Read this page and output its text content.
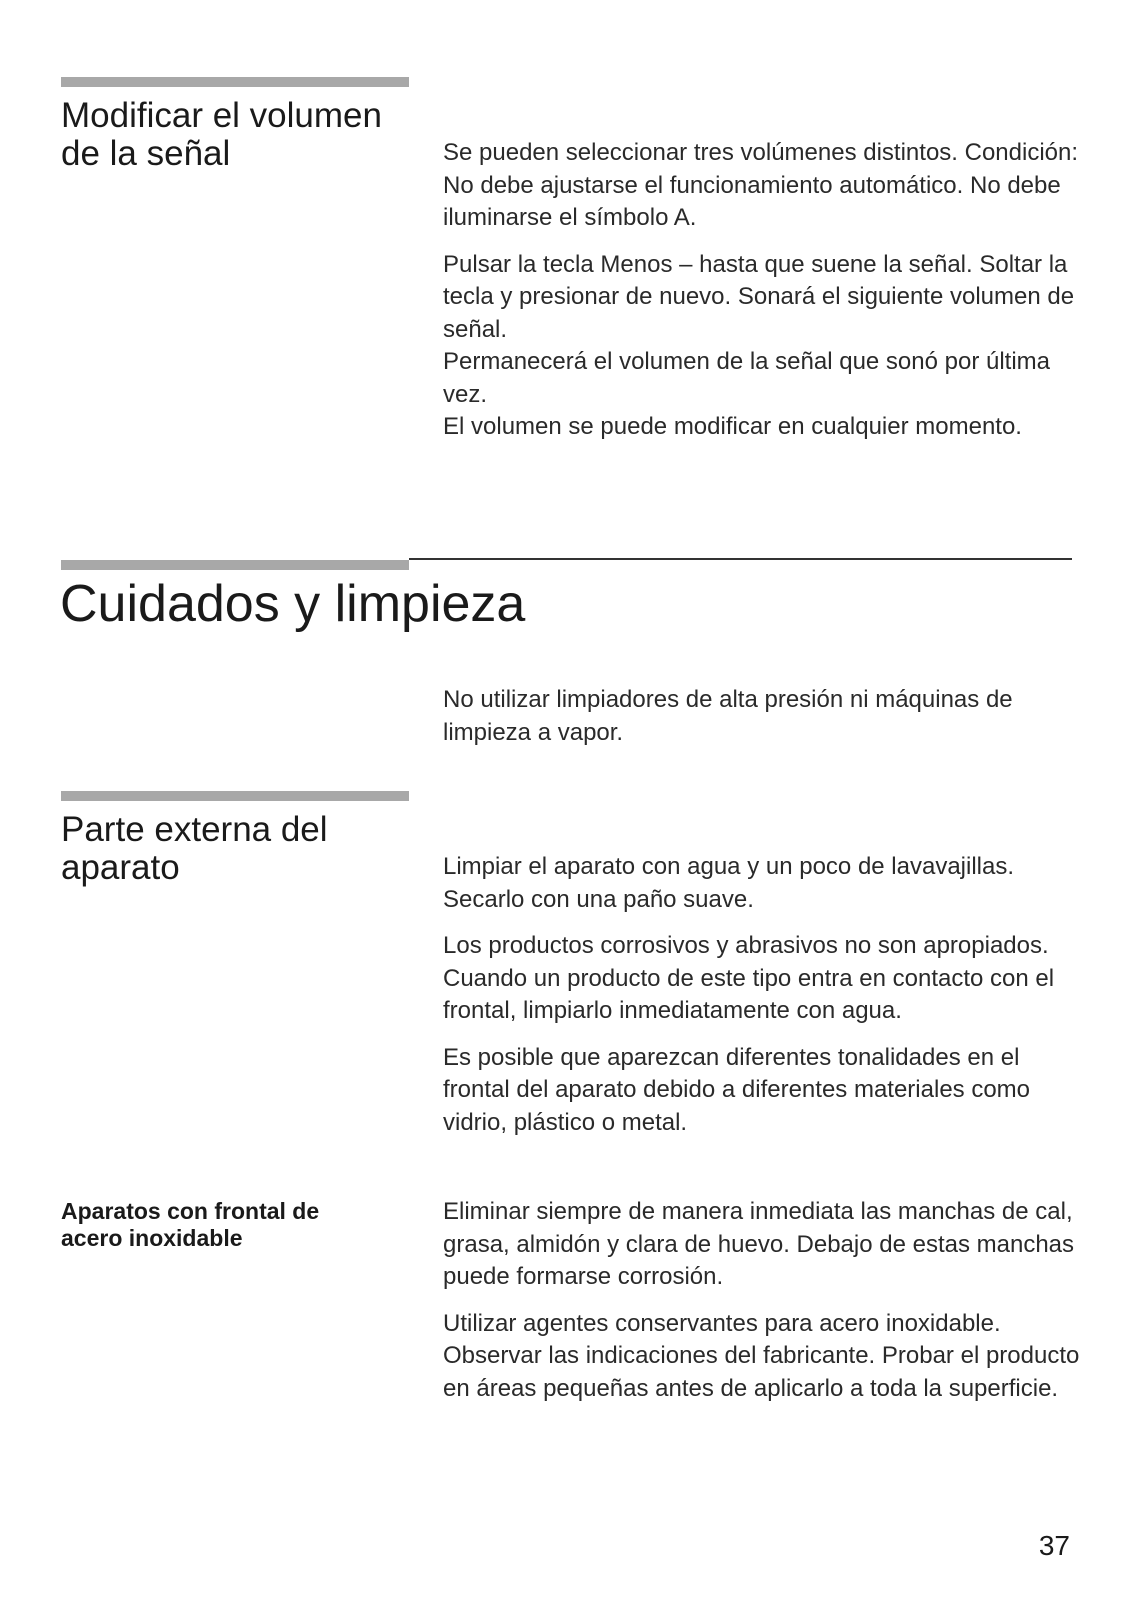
Modificar el volumen de la señal	Se pueden seleccionar tres volúmenes distintos. Condición: No debe ajustarse el funcionamiento automático. No debe iluminarse el símbolo A.

Pulsar la tecla Menos – hasta que suene la señal. Soltar la tecla y presionar de nuevo. Sonará el siguiente volumen de señal.

Permanecerá el volumen de la señal que sonó por última vez.

El volumen se puede modificar en cualquier momento.

Cuidados y limpieza

No utilizar limpiadores de alta presión ni máquinas de limpieza a vapor.

Parte externa del aparato	Limpiar el aparato con agua y un poco de lavavajillas. Secarlo con una paño suave.

Los productos corrosivos y abrasivos no son apropiados. Cuando un producto de este tipo entra en contacto con el frontal, limpiarlo inmediatamente con agua.

Es posible que aparezcan diferentes tonalidades en el frontal del aparato debido a diferentes materiales como vidrio, plástico o metal.

Aparatos con frontal de acero inoxidable

Eliminar siempre de manera inmediata las manchas de cal, grasa, almidón y clara de huevo. Debajo de estas manchas puede formarse corrosión.

Utilizar agentes conservantes para acero inoxidable. Observar las indicaciones del fabricante. Probar el producto en áreas pequeñas antes de aplicarlo a toda la superficie.

37
